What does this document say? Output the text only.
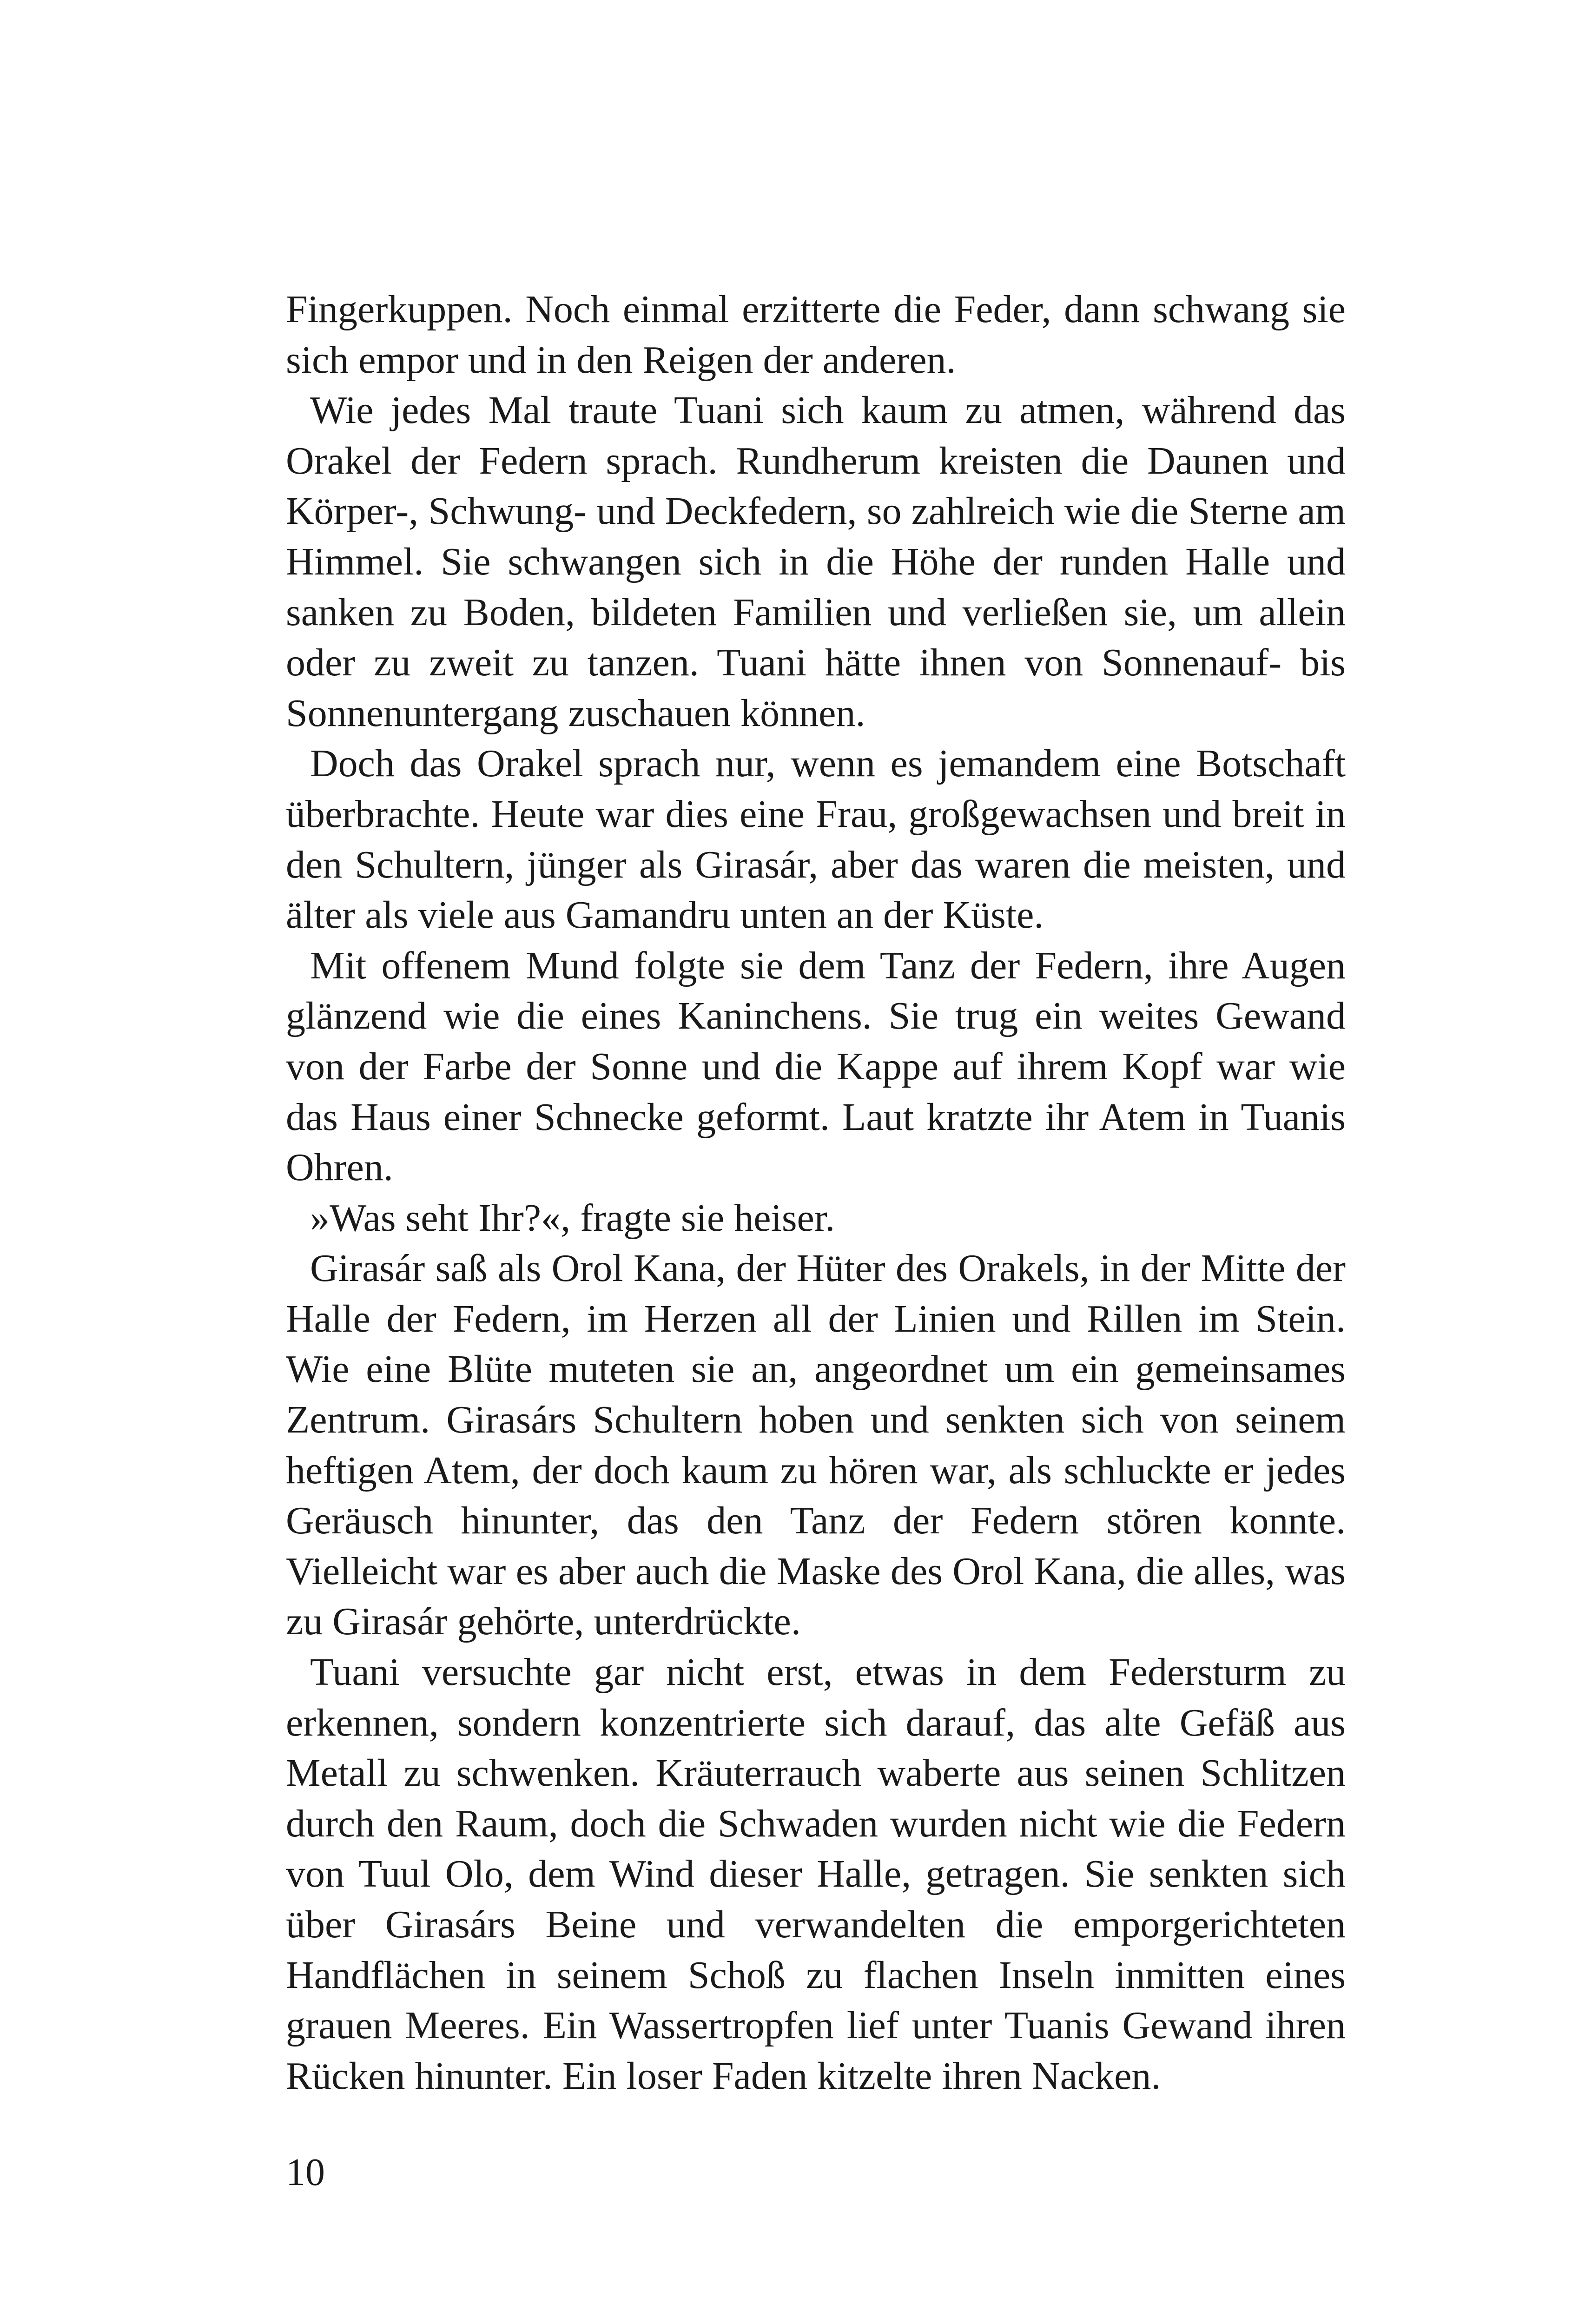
Fingerkuppen. Noch einmal erzitterte die Feder, dann schwang sie sich empor und in den Reigen der anderen.

Wie jedes Mal traute Tuani sich kaum zu atmen, während das Orakel der Federn sprach. Rundherum kreisten die Daunen und Körper-, Schwung- und Deckfedern, so zahlreich wie die Sterne am Himmel. Sie schwangen sich in die Höhe der runden Halle und sanken zu Boden, bildeten Familien und verließen sie, um allein oder zu zweit zu tanzen. Tuani hätte ihnen von Sonnenauf- bis Sonnenuntergang zuschauen können.

Doch das Orakel sprach nur, wenn es jemandem eine Botschaft überbrachte. Heute war dies eine Frau, großgewachsen und breit in den Schultern, jünger als Girasár, aber das waren die meisten, und älter als viele aus Gamandru unten an der Küste.

Mit offenem Mund folgte sie dem Tanz der Federn, ihre Augen glänzend wie die eines Kaninchens. Sie trug ein weites Gewand von der Farbe der Sonne und die Kappe auf ihrem Kopf war wie das Haus einer Schnecke geformt. Laut kratzte ihr Atem in Tuanis Ohren.

»Was seht Ihr?«, fragte sie heiser.

Girasár saß als Orol Kana, der Hüter des Orakels, in der Mitte der Halle der Federn, im Herzen all der Linien und Rillen im Stein. Wie eine Blüte muteten sie an, angeordnet um ein gemeinsames Zentrum. Girasárs Schultern hoben und senkten sich von seinem heftigen Atem, der doch kaum zu hören war, als schluckte er jedes Geräusch hinunter, das den Tanz der Federn stören konnte. Vielleicht war es aber auch die Maske des Orol Kana, die alles, was zu Girasár gehörte, unterdrückte.

Tuani versuchte gar nicht erst, etwas in dem Federsturm zu erkennen, sondern konzentrierte sich darauf, das alte Gefäß aus Metall zu schwenken. Kräuterrauch waberte aus seinen Schlitzen durch den Raum, doch die Schwaden wurden nicht wie die Federn von Tuul Olo, dem Wind dieser Halle, getragen. Sie senkten sich über Girasárs Beine und verwandelten die emporgerichteten Handflächen in seinem Schoß zu flachen Inseln inmitten eines grauen Meeres. Ein Wassertropfen lief unter Tuanis Gewand ihren Rücken hinunter. Ein loser Faden kitzelte ihren Nacken.

10
